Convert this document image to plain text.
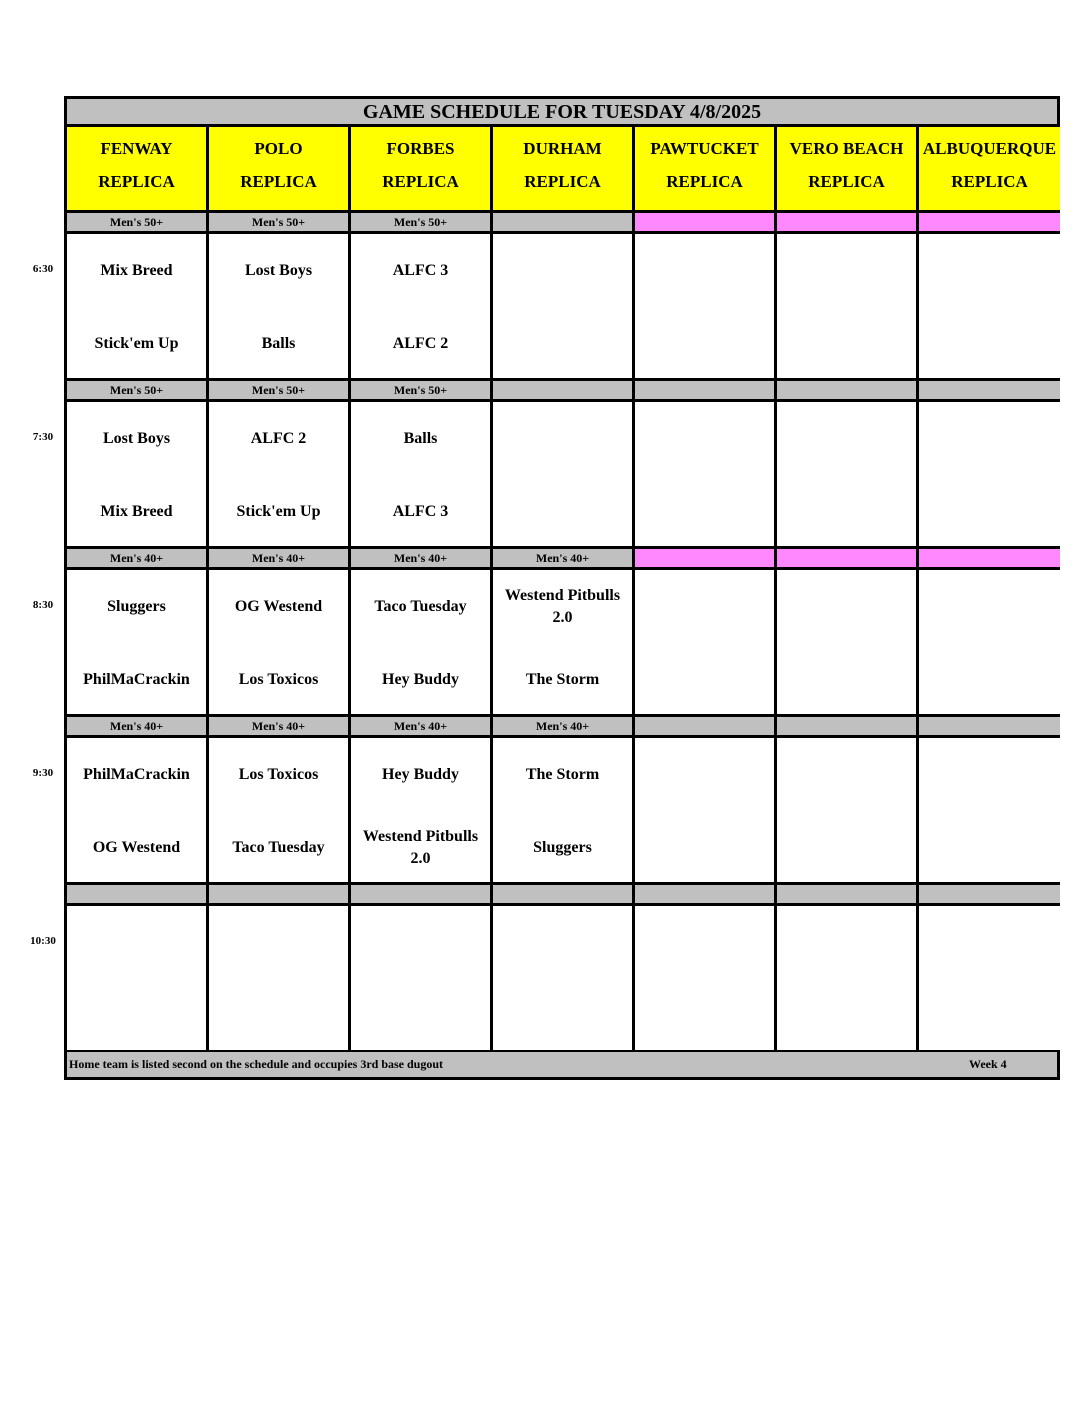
GAME SCHEDULE FOR TUESDAY 4/8/2025
FENWAY
REPLICA
POLO
REPLICA
FORBES
REPLICA
DURHAM
REPLICA
PAWTUCKET
REPLICA
VERO BEACH
REPLICA
ALBUQUERQUE
REPLICA
Men's 50+
Mix Breed
Stick'em Up
Men's 50+
Lost Boys
Balls
Men's 50+
ALFC 3
ALFC 2
Men's 50+
Lost Boys
Mix Breed
Men's 50+
ALFC 2
Stick'em Up
Men's 50+
Balls
ALFC 3
Men's 40+
Sluggers
PhilMaCrackin
Men's 40+
OG Westend
Los Toxicos
Men's 40+
Taco Tuesday
Hey Buddy
Men's 40+
Westend Pitbulls 2.0
The Storm
Men's 40+
PhilMaCrackin
OG Westend
Men's 40+
Los Toxicos
Taco Tuesday
Men's 40+
Hey Buddy
Westend Pitbulls 2.0
Men's 40+
The Storm
Sluggers
Home team is listed second on the schedule and occupies 3rd base dugout	Week 4
6:30
7:30
8:30
9:30
10:30
